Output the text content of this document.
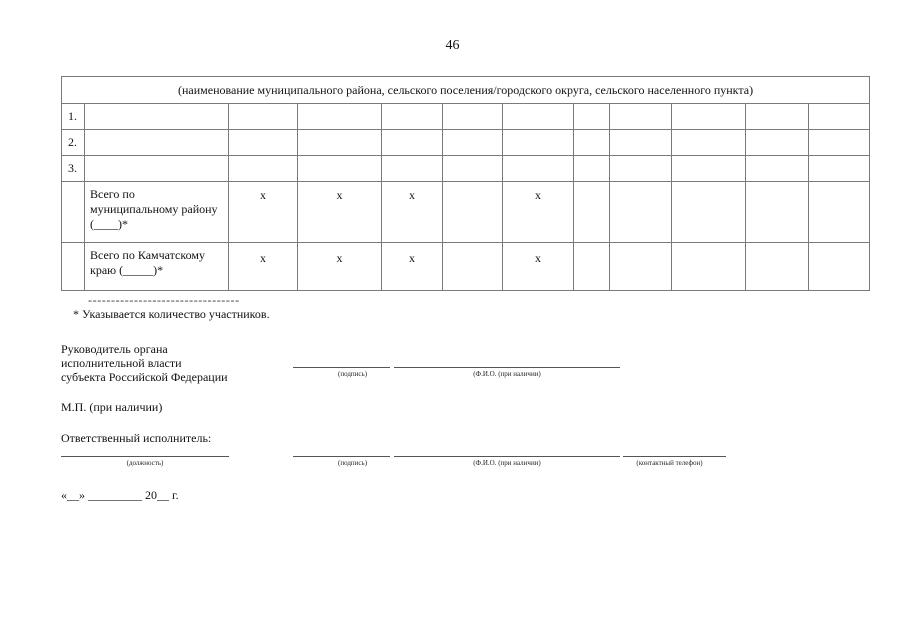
46
(наименование муниципального района, сельского поселения/городского округа, сельского населенного пункта)											
1.											
2.											
3.											
	Всего по муниципальному району (____)*	х	х	х		х					
	Всего по Камчатскому краю (_____)*	х	х	х		х					
---------------------------------
* Указывается количество участников.
Руководитель органа
исполнительной власти
субъекта Российской Федерации	(подпись)	(Ф.И.О. (при наличии)
М.П. (при наличии)
Ответственный исполнитель:
(должность)	(подпись)	(Ф.И.О. (при наличии)	(контактный телефон)
«__» _________ 20__ г.
